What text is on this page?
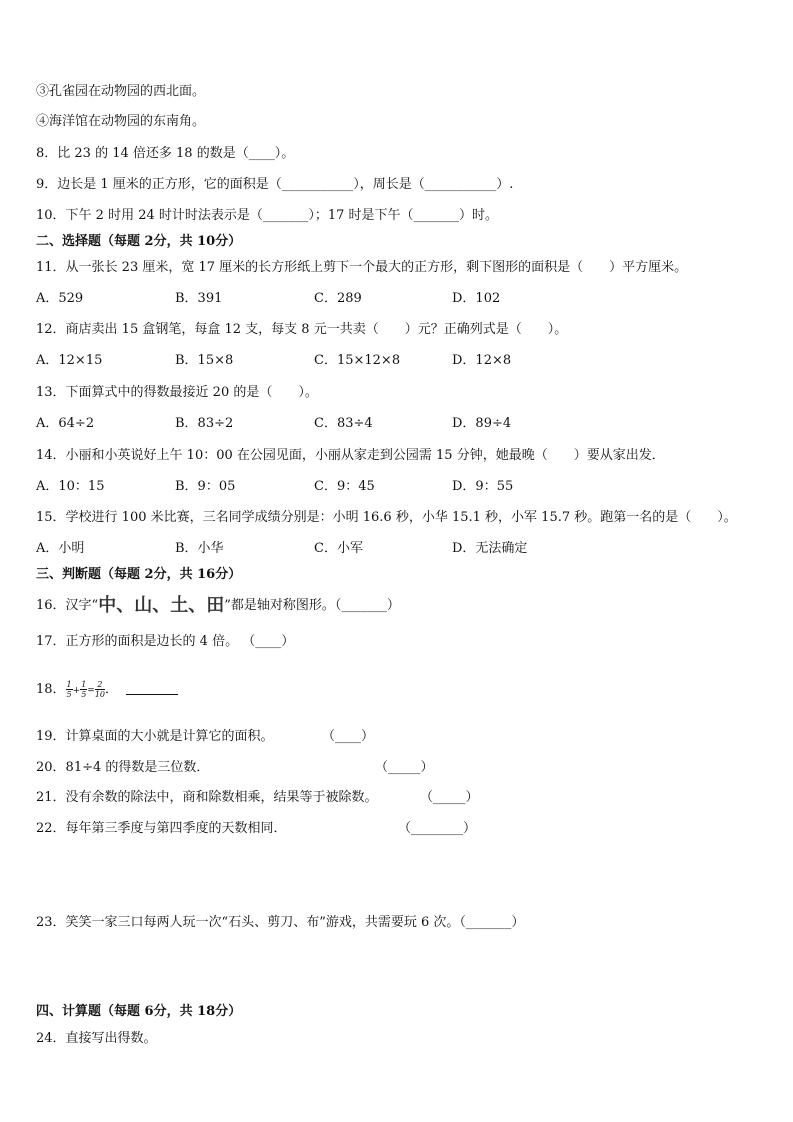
③孔雀园在动物园的西北面。
④海洋馆在动物园的东南角。
8．比 23 的 14 倍还多 18 的数是（____）。
9．边长是 1 厘米的正方形，它的面积是（___________），周长是（___________）.
10．下午 2 时用 24 时计时法表示是（_______）；17 时是下午（_______）时。
二、选择题（每题 2分，共 10分）
11．从一张长 23 厘米，宽 17 厘米的长方形纸上剪下一个最大的正方形，剩下图形的面积是（　　）平方厘米。
A．529	B．391	C．289	D．102
12．商店卖出 15 盒钢笔，每盒 12 支，每支 8 元一共卖（　　）元？正确列式是（　　）。
A．12×15	B．15×8	C．15×12×8	D．12×8
13．下面算式中的得数最接近 20 的是（　　）。
A．64÷2	B．83÷2	C．83÷4	D．89÷4
14．小丽和小英说好上午 10：00 在公园见面，小丽从家走到公园需 15 分钟，她最晚（　　）要从家出发．
A．10：15	B．9：05	C．9：45	D．9：55
15．学校进行 100 米比赛，三名同学成绩分别是：小明 16.6 秒，小华 15.1 秒，小军 15.7 秒。跑第一名的是（　　）。
A．小明	B．小华	C．小军	D．无法确定
三、判断题（每题 2分，共 16分）
16．汉字“中、山、土、田”都是轴对称图形。（_______）
17．正方形的面积是边长的 4 倍。 （____）
18． $\frac{1}{5} + \frac{1}{5} = \frac{2}{10}$ ．
19．计算桌面的大小就是计算它的面积。	（____）
20．81÷4 的得数是三位数．	（_____）
21．没有余数的除法中，商和除数相乘，结果等于被除数。	（_____）
22．每年第三季度与第四季度的天数相同．	（________）
23．笑笑一家三口每两人玩一次“石头、剪刀、布”游戏，共需要玩 6 次。（_______）
四、计算题（每题 6分，共 18分）
24．直接写出得数。
